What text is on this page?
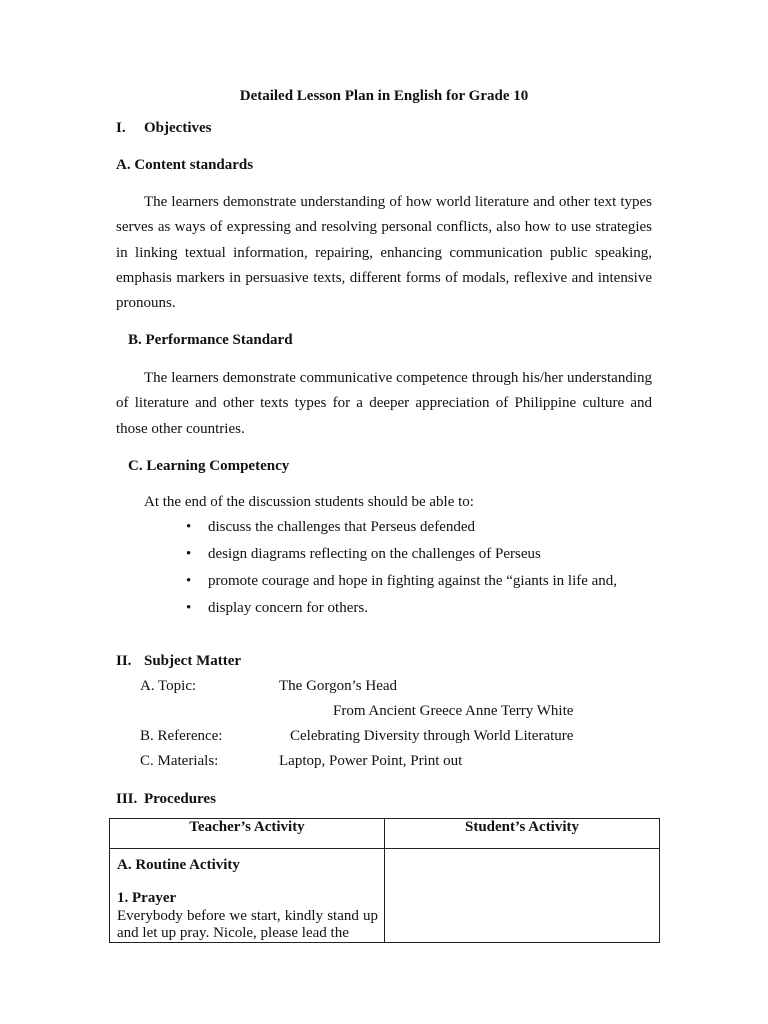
Detailed Lesson Plan in English for Grade 10
I. Objectives
A. Content standards

The learners demonstrate understanding of how world literature and other text types serves as ways of expressing and resolving personal conflicts, also how to use strategies in linking textual information, repairing, enhancing communication public speaking, emphasis markers in persuasive texts, different forms of modals, reflexive and intensive pronouns.

B. Performance Standard

The learners demonstrate communicative competence through his/her understanding of literature and other texts types for a deeper appreciation of Philippine culture and those other countries.

C. Learning Competency
At the end of the discussion students should be able to:
• discuss the challenges that Perseus defended
• design diagrams reflecting on the challenges of Perseus
• promote courage and hope in fighting against the “giants in life and,
• display concern for others.
II. Subject Matter
A. Topic:	The Gorgon’s Head
From Ancient Greece Anne Terry White
B. Reference:	Celebrating Diversity through World Literature
C. Materials:	Laptop, Power Point, Print out
III. Procedures
Teacher’s Activity	Student’s Activity

A. Routine Activity
1. Prayer
Everybody before we start, kindly stand up and let up pray. Nicole, please lead the	
